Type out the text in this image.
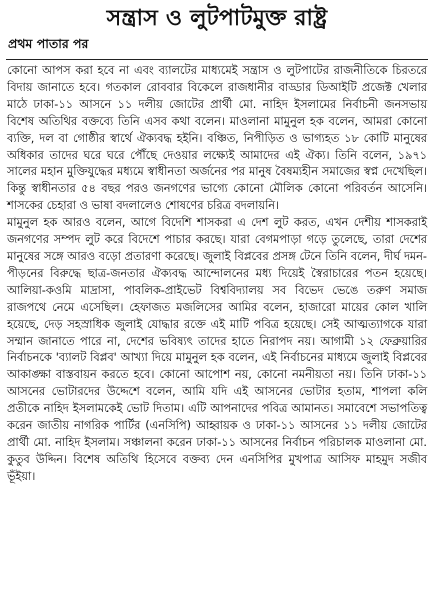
সন্ত্রাস ও লুটপাটমুক্ত রাষ্ট্র
প্রথম পাতার পর

কোনো আপস করা হবে না এবং ব্যালটের মাধ্যমেই সন্ত্রাস ও লুটপাটের রাজনীতিকে চিরতরে বিদায় জানাতে হবে। গতকাল রোববার বিকেলে রাজধানীর বাড্ডার ডিআইটি প্রজেক্ট খেলার মাঠে ঢাকা-১১ আসনে ১১ দলীয় জোটের প্রার্থী মো. নাহিদ ইসলামের নির্বাচনী জনসভায় বিশেষ অতিথির বক্তব্যে তিনি এসব কথা বলেন। মাওলানা মামুনুল হক বলেন, আমরা কোনো ব্যক্তি, দল বা গোষ্ঠীর স্বার্থে ঐক্যবদ্ধ হইনি। বঞ্চিত, নিপীড়িত ও ভাগ্যহত ১৮ কোটি মানুষের অধিকার তাদের ঘরে ঘরে পৌঁছে দেওয়ার লক্ষ্যেই আমাদের এই ঐক্য। তিনি বলেন, ১৯৭১ সালের মহান মুক্তিযুদ্ধের মধ্যমে স্বাধীনতা অর্জনের পর মানুষ বৈষম্যহীন সমাজের স্বপ্ন দেখেছিল। কিন্তু স্বাধীনতার ৫৪ বছর পরও জনগণের ভাগ্যে কোনো মৌলিক কোনো পরিবর্তন আসেনি। শাসকের চেহারা ও ভাষা বদলালেও শোষণের চরিত্র বদলায়নি।

মামুনুল হক আরও বলেন, আগে বিদেশি শাসকরা এ দেশ লুট করত, এখন দেশীয় শাসকরাই জনগণের সম্পদ লুট করে বিদেশে পাচার করছে। যারা বেগমপাড়া গড়ে তুলেছে, তারা দেশের মানুষের সঙ্গে আরও বড়ো প্রতারণা করেছে। জুলাই বিপ্লবের প্রসঙ্গ টেনে তিনি বলেন, দীর্ঘ দমন-পীড়নের বিরুদ্ধে ছাত্র-জনতার ঐক্যবদ্ধ আন্দোলনের মধ্য দিয়েই স্বৈরাচারের পতন হয়েছে। আলিয়া-কওমি মাদ্রাসা, পাবলিক-প্রাইভেট বিশ্ববিদ্যালয় সব বিভেদ ভেঙে তরুণ সমাজ রাজপথে নেমে এসেছিল। হেফাজত মজলিসের আমির বলেন, হাজারো মায়ের কোল খালি হয়েছে, দেড় সহস্রাধিক জুলাই যোদ্ধার রক্তে এই মাটি পবিত্র হয়েছে। সেই আত্মত্যাগকে যারা সম্মান জানাতে পারে না, দেশের ভবিষ্যৎ তাদের হাতে নিরাপদ নয়। আগামী ১২ ফেব্রুয়ারির নির্বাচনকে 'ব্যালট বিপ্লব' আখ্যা দিয়ে মামুনুল হক বলেন, এই নির্বাচনের মাধ্যমে জুলাই বিপ্লবের আকাঙ্ক্ষা বাস্তবায়ন করতে হবে। কোনো আপোশ নয়, কোনো নমনীয়তা নয়। তিনি ঢাকা-১১ আসনের ভোটারদের উদ্দেশে বলেন, আমি যদি এই আসনের ভোটার হতাম, শাপলা কলি প্রতীকে নাহিদ ইসলামকেই ভোট দিতাম। এটি আপনাদের পবিত্র আমানত। সমাবেশে সভাপতিত্ব করেন জাতীয় নাগরিক পার্টির (এনসিপি) আহ্বায়ক ও ঢাকা-১১ আসনের ১১ দলীয় জোটের প্রার্থী মো. নাহিদ ইসলাম। সঞ্চালনা করেন ঢাকা-১১ আসনের নির্বাচন পরিচালক মাওলানা মো. কুতুব উদ্দিন। বিশেষ অতিথি হিসেবে বক্তব্য দেন এনসিপির মুখপাত্র আসিফ মাহমুদ সজীব ভূঁইয়া।
